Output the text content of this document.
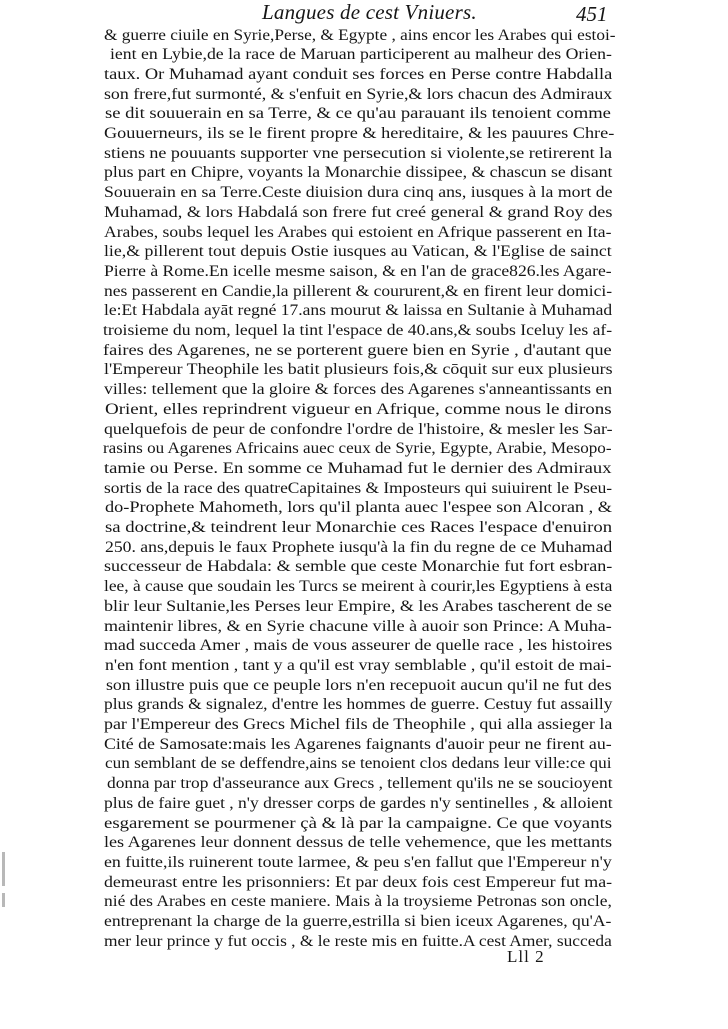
Langues de cest Vniuers.	451
& guerre ciuile en Syrie,Perse, & Egypte , ains encor les Arabes qui estoi-
ient en Lybie,de la race de Maruan participerent au malheur des Orien-
taux. Or Muhamad ayant conduit ses forces en Perse contre Habdalla
son frere,fut surmonté, & s'enfuit en Syrie,& lors chacun des Admiraux
se dit souuerain en sa Terre, & ce qu'au parauant ils tenoient comme
Gouuerneurs, ils se le firent propre & hereditaire, & les pauures Chre-
stiens ne pouuants supporter vne persecution si violente,se retirerent la
plus part en Chipre, voyants la Monarchie dissipee, & chascun se disant
Souuerain en sa Terre.Ceste diuision dura cinq ans, iusques à la mort de
Muhamad, & lors Habdalá son frere fut creé general & grand Roy des
Arabes, soubs lequel les Arabes qui estoient en Afrique passerent en Ita-
lie,& pillerent tout depuis Ostie iusques au Vatican, & l'Eglise de sainct
Pierre à Rome.En icelle mesme saison, & en l'an de grace826.les Agare-
nes passerent en Candie,la pillerent & coururent,& en firent leur domici-
le:Et Habdala ayāt regné 17.ans mourut & laissa en Sultanie à Muhamad
troisieme du nom, lequel la tint l'espace de 40.ans,& soubs Iceluy les af-
faires des Agarenes, ne se porterent guere bien en Syrie , d'autant que
l'Empereur Theophile les batit plusieurs fois,& cōquit sur eux plusieurs
villes: tellement que la gloire & forces des Agarenes s'anneantissants en
Orient, elles reprindrent vigueur en Afrique, comme nous le dirons
quelquefois de peur de confondre l'ordre de l'histoire, & mesler les Sar-
rasins ou Agarenes Africains auec ceux de Syrie, Egypte, Arabie, Mesopo-
tamie ou Perse. En somme ce Muhamad fut le dernier des Admiraux
sortis de la race des quatreCapitaines & Imposteurs qui suiuirent le Pseu-
do-Prophete Mahometh, lors qu'il planta auec l'espee son Alcoran , &
sa doctrine,& teindrent leur Monarchie ces Races l'espace d'enuiron
250. ans,depuis le faux Prophete iusqu'à la fin du regne de ce Muhamad
successeur de Habdala: & semble que ceste Monarchie fut fort esbran-
lee, à cause que soudain les Turcs se meirent à courir,les Egyptiens à esta
blir leur Sultanie,les Perses leur Empire, & les Arabes tascherent de se
maintenir libres, & en Syrie chacune ville à auoir son Prince: A Muha-
mad succeda Amer , mais de vous asseurer de quelle race , les histoires
n'en font mention , tant y a qu'il est vray semblable , qu'il estoit de mai-
son illustre puis que ce peuple lors n'en recepuoit aucun qu'il ne fut des
plus grands & signalez, d'entre les hommes de guerre. Cestuy fut assailly
par l'Empereur des Grecs Michel fils de Theophile , qui alla assieger la
Cité de Samosate:mais les Agarenes faignants d'auoir peur ne firent au-
cun semblant de se deffendre,ains se tenoient clos dedans leur ville:ce qui
donna par trop d'asseurance aux Grecs , tellement qu'ils ne se soucioyent
plus de faire guet , n'y dresser corps de gardes n'y sentinelles , & alloient
esgarement se pourmener çà & là par la campaigne. Ce que voyants
les Agarenes leur donnent dessus de telle vehemence, que les mettants
en fuitte,ils ruinerent toute larmee, & peu s'en fallut que l'Empereur n'y
demeurast entre les prisonniers: Et par deux fois cest Empereur fut ma-
nié des Arabes en ceste maniere. Mais à la troysieme Petronas son oncle,
entreprenant la charge de la guerre,estrilla si bien iceux Agarenes, qu'A-
mer leur prince y fut occis , & le reste mis en fuitte.A cest Amer, succeda
Lll 2
